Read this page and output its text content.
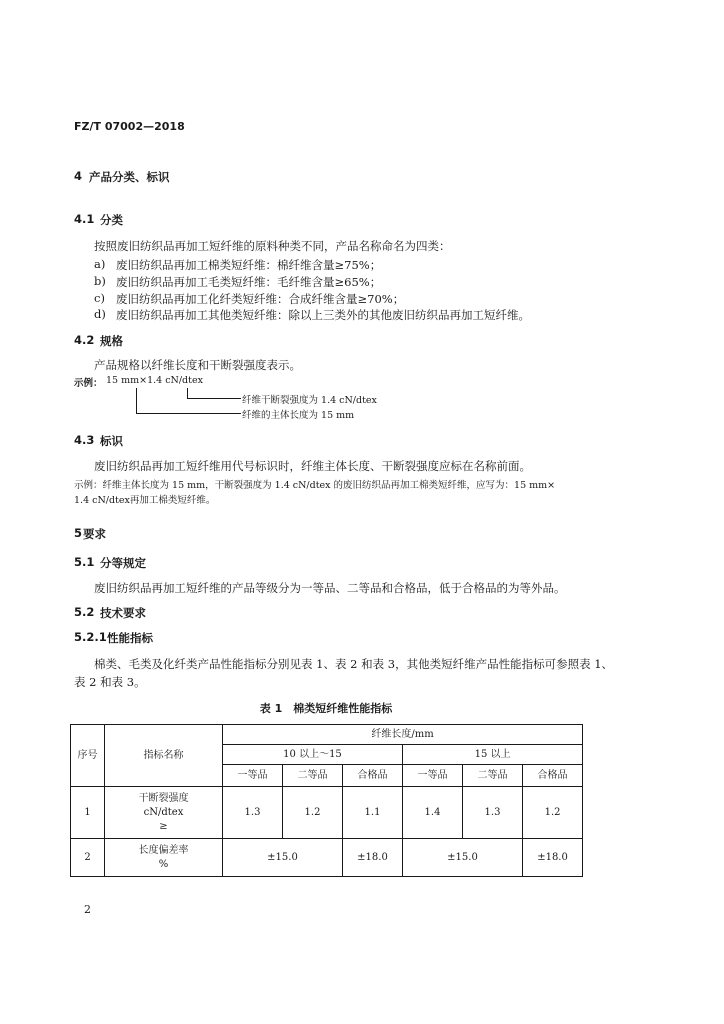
FZ/T 07002—2018
4 产品分类、标识
4.1 分类
按照废旧纺织品再加工短纤维的原料种类不同，产品名称命名为四类：
a) 废旧纺织品再加工棉类短纤维：棉纤维含量≥75%；
b) 废旧纺织品再加工毛类短纤维：毛纤维含量≥65%；
c) 废旧纺织品再加工化纤类短纤维：合成纤维含量≥70%；
d) 废旧纺织品再加工其他类短纤维：除以上三类外的其他废旧纺织品再加工短纤维。
4.2 规格
产品规格以纤维长度和干断裂强度表示。
示例： 15 mm×1.4 cN/dtex
纤维干断裂强度为 1.4 cN/dtex
纤维的主体长度为 15 mm
4.3 标识
废旧纺织品再加工短纤维用代号标识时，纤维主体长度、干断裂强度应标在名称前面。
示例：纤维主体长度为 15 mm，干断裂强度为 1.4 cN/dtex 的废旧纺织品再加工棉类短纤维，应写为：15 mm×
1.4 cN/dtex再加工棉类短纤维。
5 要求
5.1 分等规定
废旧纺织品再加工短纤维的产品等级分为一等品、二等品和合格品，低于合格品的为等外品。
5.2 技术要求
5.2.1 性能指标
棉类、毛类及化纤类产品性能指标分别见表 1、表 2 和表 3，其他类短纤维产品性能指标可参照表 1、
表 2 和表 3。
表 1　棉类短纤维性能指标
序号	指标名称	纤维长度/mm					
		10 以上～15			15 以上		
		一等品	二等品	合格品	一等品	二等品	合格品
1	干断裂强度
cN/dtex
≥	1.3	1.2	1.1	1.4	1.3	1.2
2	长度偏差率
%	±15.0		±18.0	±15.0		±18.0
2
